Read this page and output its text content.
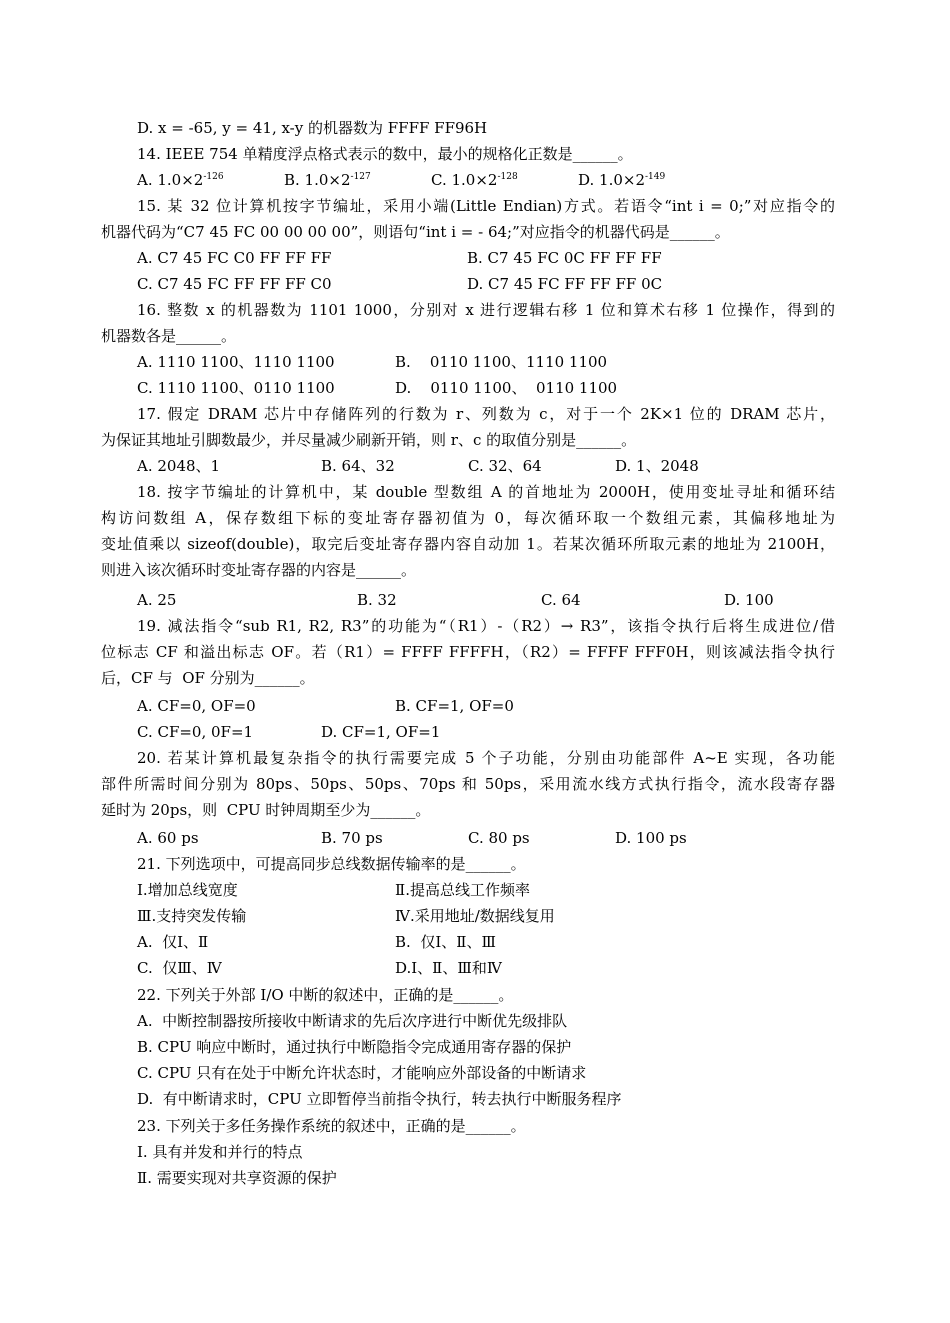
D. x = -65, y = 41, x-y 的机器数为 FFFF FF96H
14. IEEE 754 单精度浮点格式表示的数中，最小的规格化正数是______。
A. $1.0\times 2^{-126}$	B. $1.0\times 2^{-127}$	C. $1.0\times 2^{-128}$	D. $1.0\times 2^{-149}$
15. 某 32 位计算机按字节编址，采用小端(Little Endian)方式。若语令“int i = 0;”对应指令的
机器代码为“C7 45 FC 00 00 00 00”，则语句“int i = - 64;”对应指令的机器代码是______。
A. C7 45 FC C0 FF FF FF	B. C7 45 FC 0C FF FF FF
C. C7 45 FC FF FF FF C0	D. C7 45 FC FF FF FF 0C
16. 整数 x 的机器数为 1101 1000，分别对 x 进行逻辑右移 1 位和算术右移 1 位操作，得到的
机器数各是______。
A. 1110 1100、1110 1100	B.    0110 1100、1110 1100
C. 1110 1100、0110 1100	D.    0110 1100、  0110 1100
17. 假定 DRAM 芯片中存储阵列的行数为 r、列数为 c，对于一个 2K×1 位的 DRAM 芯片，
为保证其地址引脚数最少，并尽量减少刷新开销，则 r、c 的取值分别是______。
A. 2048、1	B. 64、32	C. 32、64	D. 1、2048
18. 按字节编址的计算机中，某 double 型数组 A 的首地址为 2000H，使用变址寻址和循环结
构访问数组 A，保存数组下标的变址寄存器初值为 0，每次循环取一个数组元素，其偏移地址为
变址值乘以 sizeof(double)，取完后变址寄存器内容自动加 1。若某次循环所取元素的地址为 2100H，
则进入该次循环时变址寄存器的内容是______。
A. 25	B. 32	C. 64	D. 100
19. 减法指令“sub R1, R2, R3”的功能为“（R1）-（R2）→ R3”，该指令执行后将生成进位/借
位标志 CF 和溢出标志 OF。若（R1）= FFFF FFFFH，（R2）= FFFF FFF0H，则该减法指令执行
后，CF 与  OF 分别为______。
A. CF=0, OF=0	B. CF=1, OF=0
C. CF=0, 0F=1	D. CF=1, OF=1
20. 若某计算机最复杂指令的执行需要完成 5 个子功能，分别由功能部件 A~E 实现，各功能
部件所需时间分别为 80ps、50ps、50ps、70ps 和 50ps，采用流水线方式执行指令，流水段寄存器
延时为 20ps，则  CPU 时钟周期至少为______。
A. 60 ps	B. 70 ps	C. 80 ps	D. 100 ps
21. 下列选项中，可提高同步总线数据传输率的是______。
Ⅰ.增加总线宽度	Ⅱ.提高总线工作频率
Ⅲ.支持突发传输	Ⅳ.采用地址/数据线复用
A.  仅Ⅰ、Ⅱ	B.  仅Ⅰ、Ⅱ、Ⅲ
C.  仅Ⅲ、Ⅳ	D.Ⅰ、Ⅱ、Ⅲ和Ⅳ
22. 下列关于外部 I/O 中断的叙述中，正确的是______。
A.  中断控制器按所接收中断请求的先后次序进行中断优先级排队
B. CPU 响应中断时，通过执行中断隐指令完成通用寄存器的保护
C. CPU 只有在处于中断允许状态时，才能响应外部设备的中断请求
D.  有中断请求时，CPU 立即暂停当前指令执行，转去执行中断服务程序
23. 下列关于多任务操作系统的叙述中，正确的是______。
Ⅰ. 具有并发和并行的特点
Ⅱ. 需要实现对共享资源的保护
